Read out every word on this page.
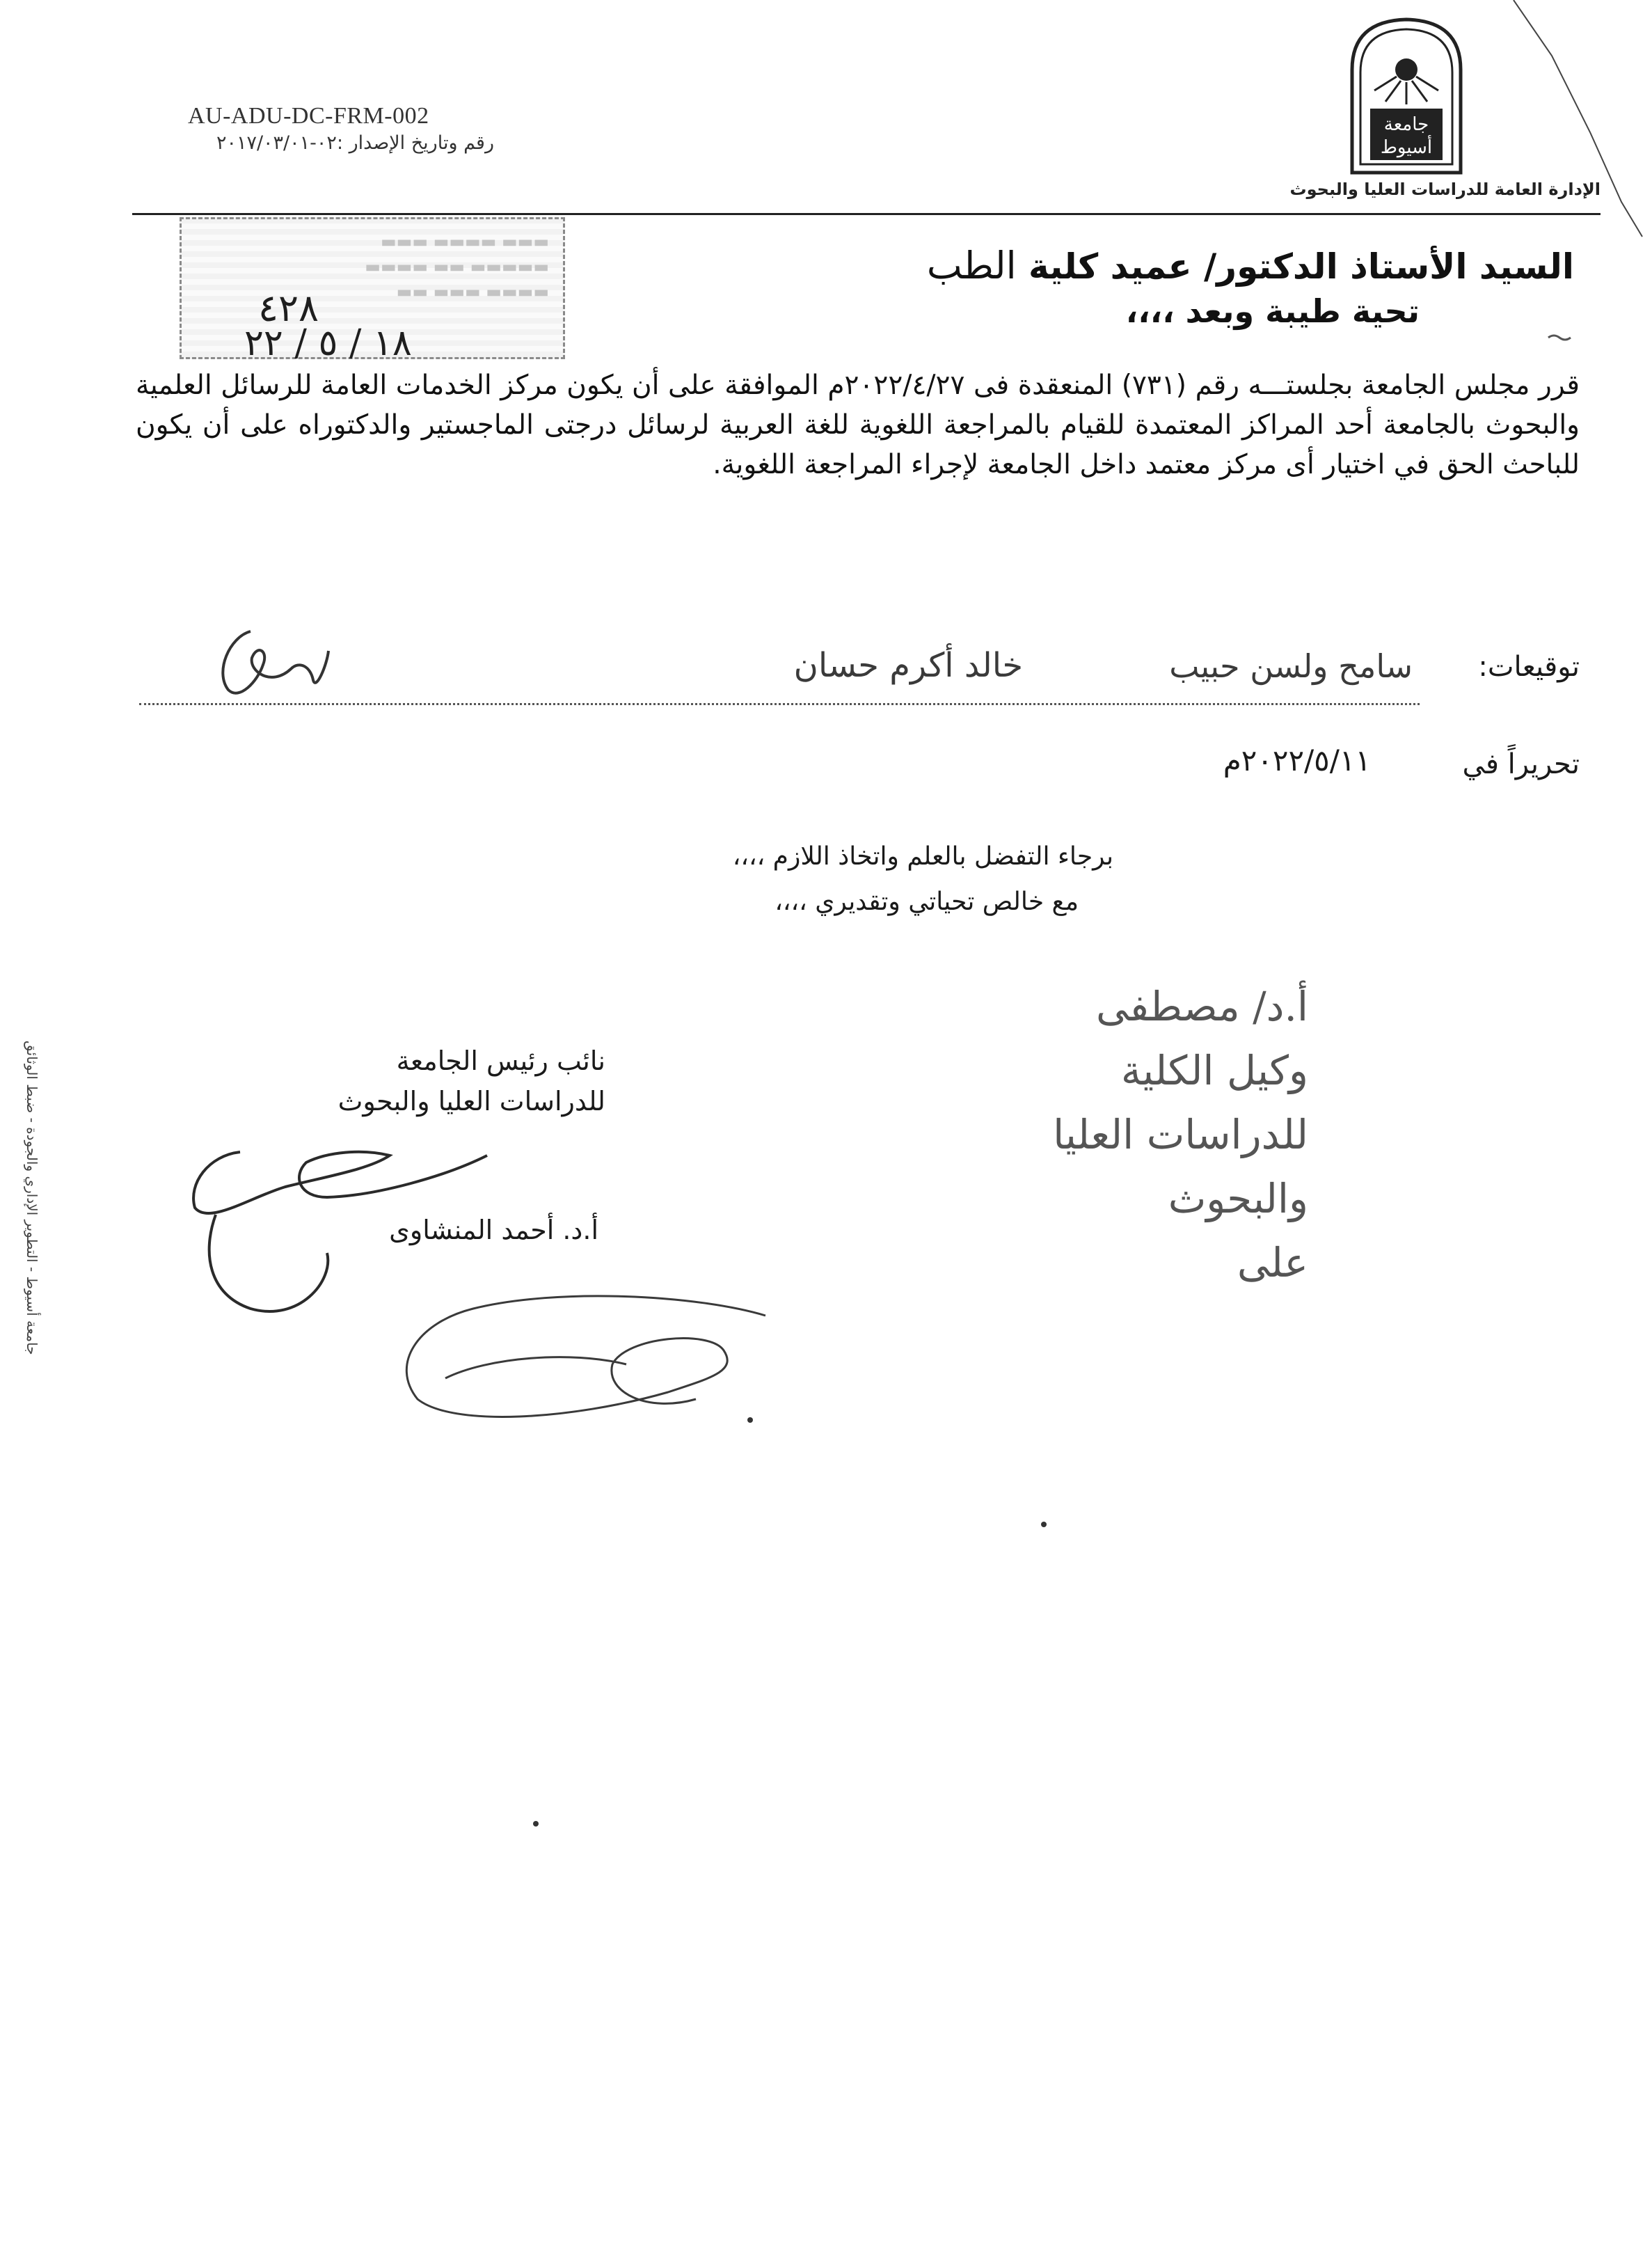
AU-ADU-DC-FRM-002
رقم وتاريخ الإصدار :٠٢-٢٠١٧/٠٣/٠١
جامعة
أسيوط
الإدارة العامة للدراسات العليا والبحوث
▬▬▬ ▬▬▬▬ ▬▬▬
▬▬▬▬ ▬▬ ▬▬▬▬▬
▬▬ ▬▬▬ ▬▬▬▬
٤٢٨
١٨ / ٥ / ٢٢
السيد الأستاذ الدكتور/ عميد كلية الطب
تحية طيبة وبعد ،،،،
قرر مجلس الجامعة بجلستـــه رقم (٧٣١) المنعقدة فى ٢٠٢٢/٤/٢٧م الموافقة على أن يكون مركز الخدمات العامة للرسائل العلمية والبحوث بالجامعة أحد المراكز المعتمدة للقيام بالمراجعة اللغوية للغة العربية لرسائل درجتى الماجستير والدكتوراه على أن يكون للباحث الحق في اختيار أى مركز معتمد داخل الجامعة لإجراء المراجعة اللغوية.
توقيعات:
سامح ولسن حبيب
خالد أكرم حسان
تحريراً في
٢٠٢٢/٥/١١م
برجاء التفضل بالعلم واتخاذ اللازم ،،،،
مع خالص تحياتي وتقديري ،،،،
نائب رئيس الجامعة
للدراسات العليا والبحوث
أ.د. أحمد المنشاوى
أ.د/ مصطفى
وكيل الكلية
للدراسات العليا
والبحوث
على
جامعة أسيوط - التطوير الإداري والجودة - ضبط الوثائق
